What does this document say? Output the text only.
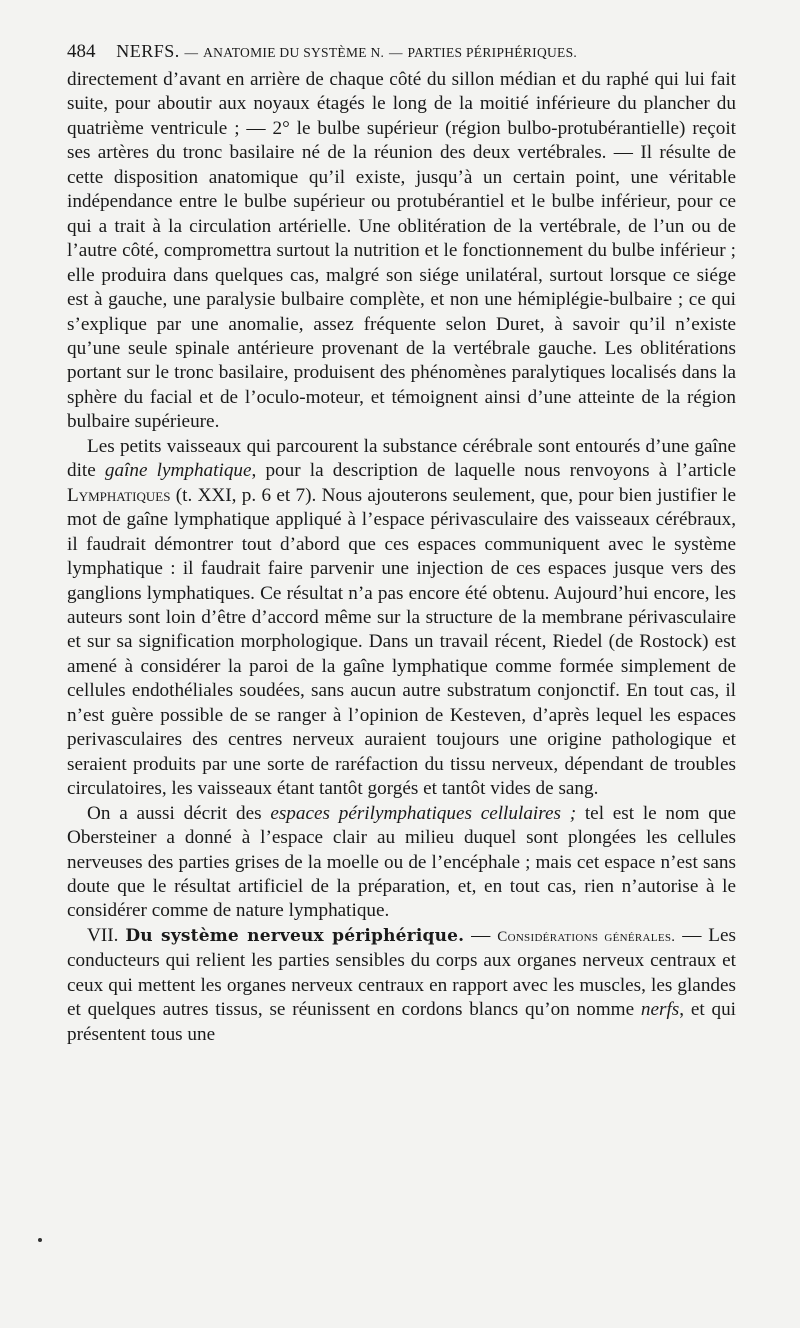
484 NERFS. — ANATOMIE DU SYSTÈME N. — PARTIES PÉRIPHÉRIQUES.

directement d’avant en arrière de chaque côté du sillon médian et du raphé qui lui fait suite, pour aboutir aux noyaux étagés le long de la moitié inférieure du plancher du quatrième ventricule ; — 2° le bulbe supérieur (région bulbo-protubérantielle) reçoit ses artères du tronc basilaire né de la réunion des deux vertébrales. — Il résulte de cette disposition anatomique qu’il existe, jusqu’à un certain point, une véritable indépendance entre le bulbe supérieur ou protubérantiel et le bulbe inférieur, pour ce qui a trait à la circulation artérielle. Une oblitération de la vertébrale, de l’un ou de l’autre côté, compromettra surtout la nutrition et le fonctionnement du bulbe inférieur ; elle produira dans quelques cas, malgré son siége unilatéral, surtout lorsque ce siége est à gauche, une paralysie bulbaire complète, et non une hémiplégie-bulbaire ; ce qui s’explique par une anomalie, assez fréquente selon Duret, à savoir qu’il n’existe qu’une seule spinale antérieure provenant de la vertébrale gauche. Les oblitérations portant sur le tronc basilaire, produisent des phénomènes paralytiques localisés dans la sphère du facial et de l’oculo-moteur, et témoignent ainsi d’une atteinte de la région bulbaire supérieure.

Les petits vaisseaux qui parcourent la substance cérébrale sont entourés d’une gaîne dite gaîne lymphatique, pour la description de laquelle nous renvoyons à l’article Lymphatiques (t. XXI, p. 6 et 7). Nous ajouterons seulement, que, pour bien justifier le mot de gaîne lymphatique appliqué à l’espace périvasculaire des vaisseaux cérébraux, il faudrait démontrer tout d’abord que ces espaces communiquent avec le système lymphatique : il faudrait faire parvenir une injection de ces espaces jusque vers des ganglions lymphatiques. Ce résultat n’a pas encore été obtenu. Aujourd’hui encore, les auteurs sont loin d’être d’accord même sur la structure de la membrane périvasculaire et sur sa signification morphologique. Dans un travail récent, Riedel (de Rostock) est amené à considérer la paroi de la gaîne lymphatique comme formée simplement de cellules endothéliales soudées, sans aucun autre substratum conjonctif. En tout cas, il n’est guère possible de se ranger à l’opinion de Kesteven, d’après lequel les espaces perivasculaires des centres nerveux auraient toujours une origine pathologique et seraient produits par une sorte de raréfaction du tissu nerveux, dépendant de troubles circulatoires, les vaisseaux étant tantôt gorgés et tantôt vides de sang.

On a aussi décrit des espaces périlymphatiques cellulaires ; tel est le nom que Obersteiner a donné à l’espace clair au milieu duquel sont plongées les cellules nerveuses des parties grises de la moelle ou de l’encéphale ; mais cet espace n’est sans doute que le résultat artificiel de la préparation, et, en tout cas, rien n’autorise à le considérer comme de nature lymphatique.

VII. Du système nerveux périphérique. — Considérations générales. — Les conducteurs qui relient les parties sensibles du corps aux organes nerveux centraux et ceux qui mettent les organes nerveux centraux en rapport avec les muscles, les glandes et quelques autres tissus, se réunissent en cordons blancs qu’on nomme nerfs, et qui présentent tous une
